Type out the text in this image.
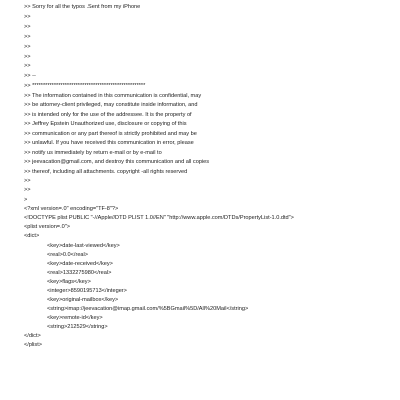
>> Sorry for all the typos .Sent from my iPhone
>>
>>
>>
>>
>>
>>
>> --
>> ****************************************************
>> The information contained in this communication is confidential, may
>> be attorney-client privileged, may constitute inside information, and
>> is intended only for the use of the addressee. It is the property of
>> Jeffrey Epstein Unauthorized use, disclosure or copying of this
>> communication or any part thereof is strictly prohibited and may be
>> unlawful. If you have received this communication in error, please
>> notify us immediately by return e-mail or by e-mail to
>> jeevacation@gmail.com, and destroy this communication and all copies
>> thereof, including all attachments. copyright -all rights reserved
>>
>>
>
<?xml version=.0" encoding="TF-8"?>
<!DOCTYPE plist PUBLIC "-//Apple//DTD PLIST 1.0//EN" "http://www.apple.com/DTDs/PropertyList-1.0.dtd">
<plist version=.0">
<dict>
<key>date-last-viewed</key>
<real>0.0</real>
<key>date-received</key>
<real>1332275980</real>
<key>flags</key>
<integer>8590195713</integer>
<key>original-mailbox</key>
<string>imap://jeevacation@imap.gmail.com/%5BGmail%5D/All%20Mail</string>
<key>remote-id</key>
<string>212529</string>
</dict>
</plist>
